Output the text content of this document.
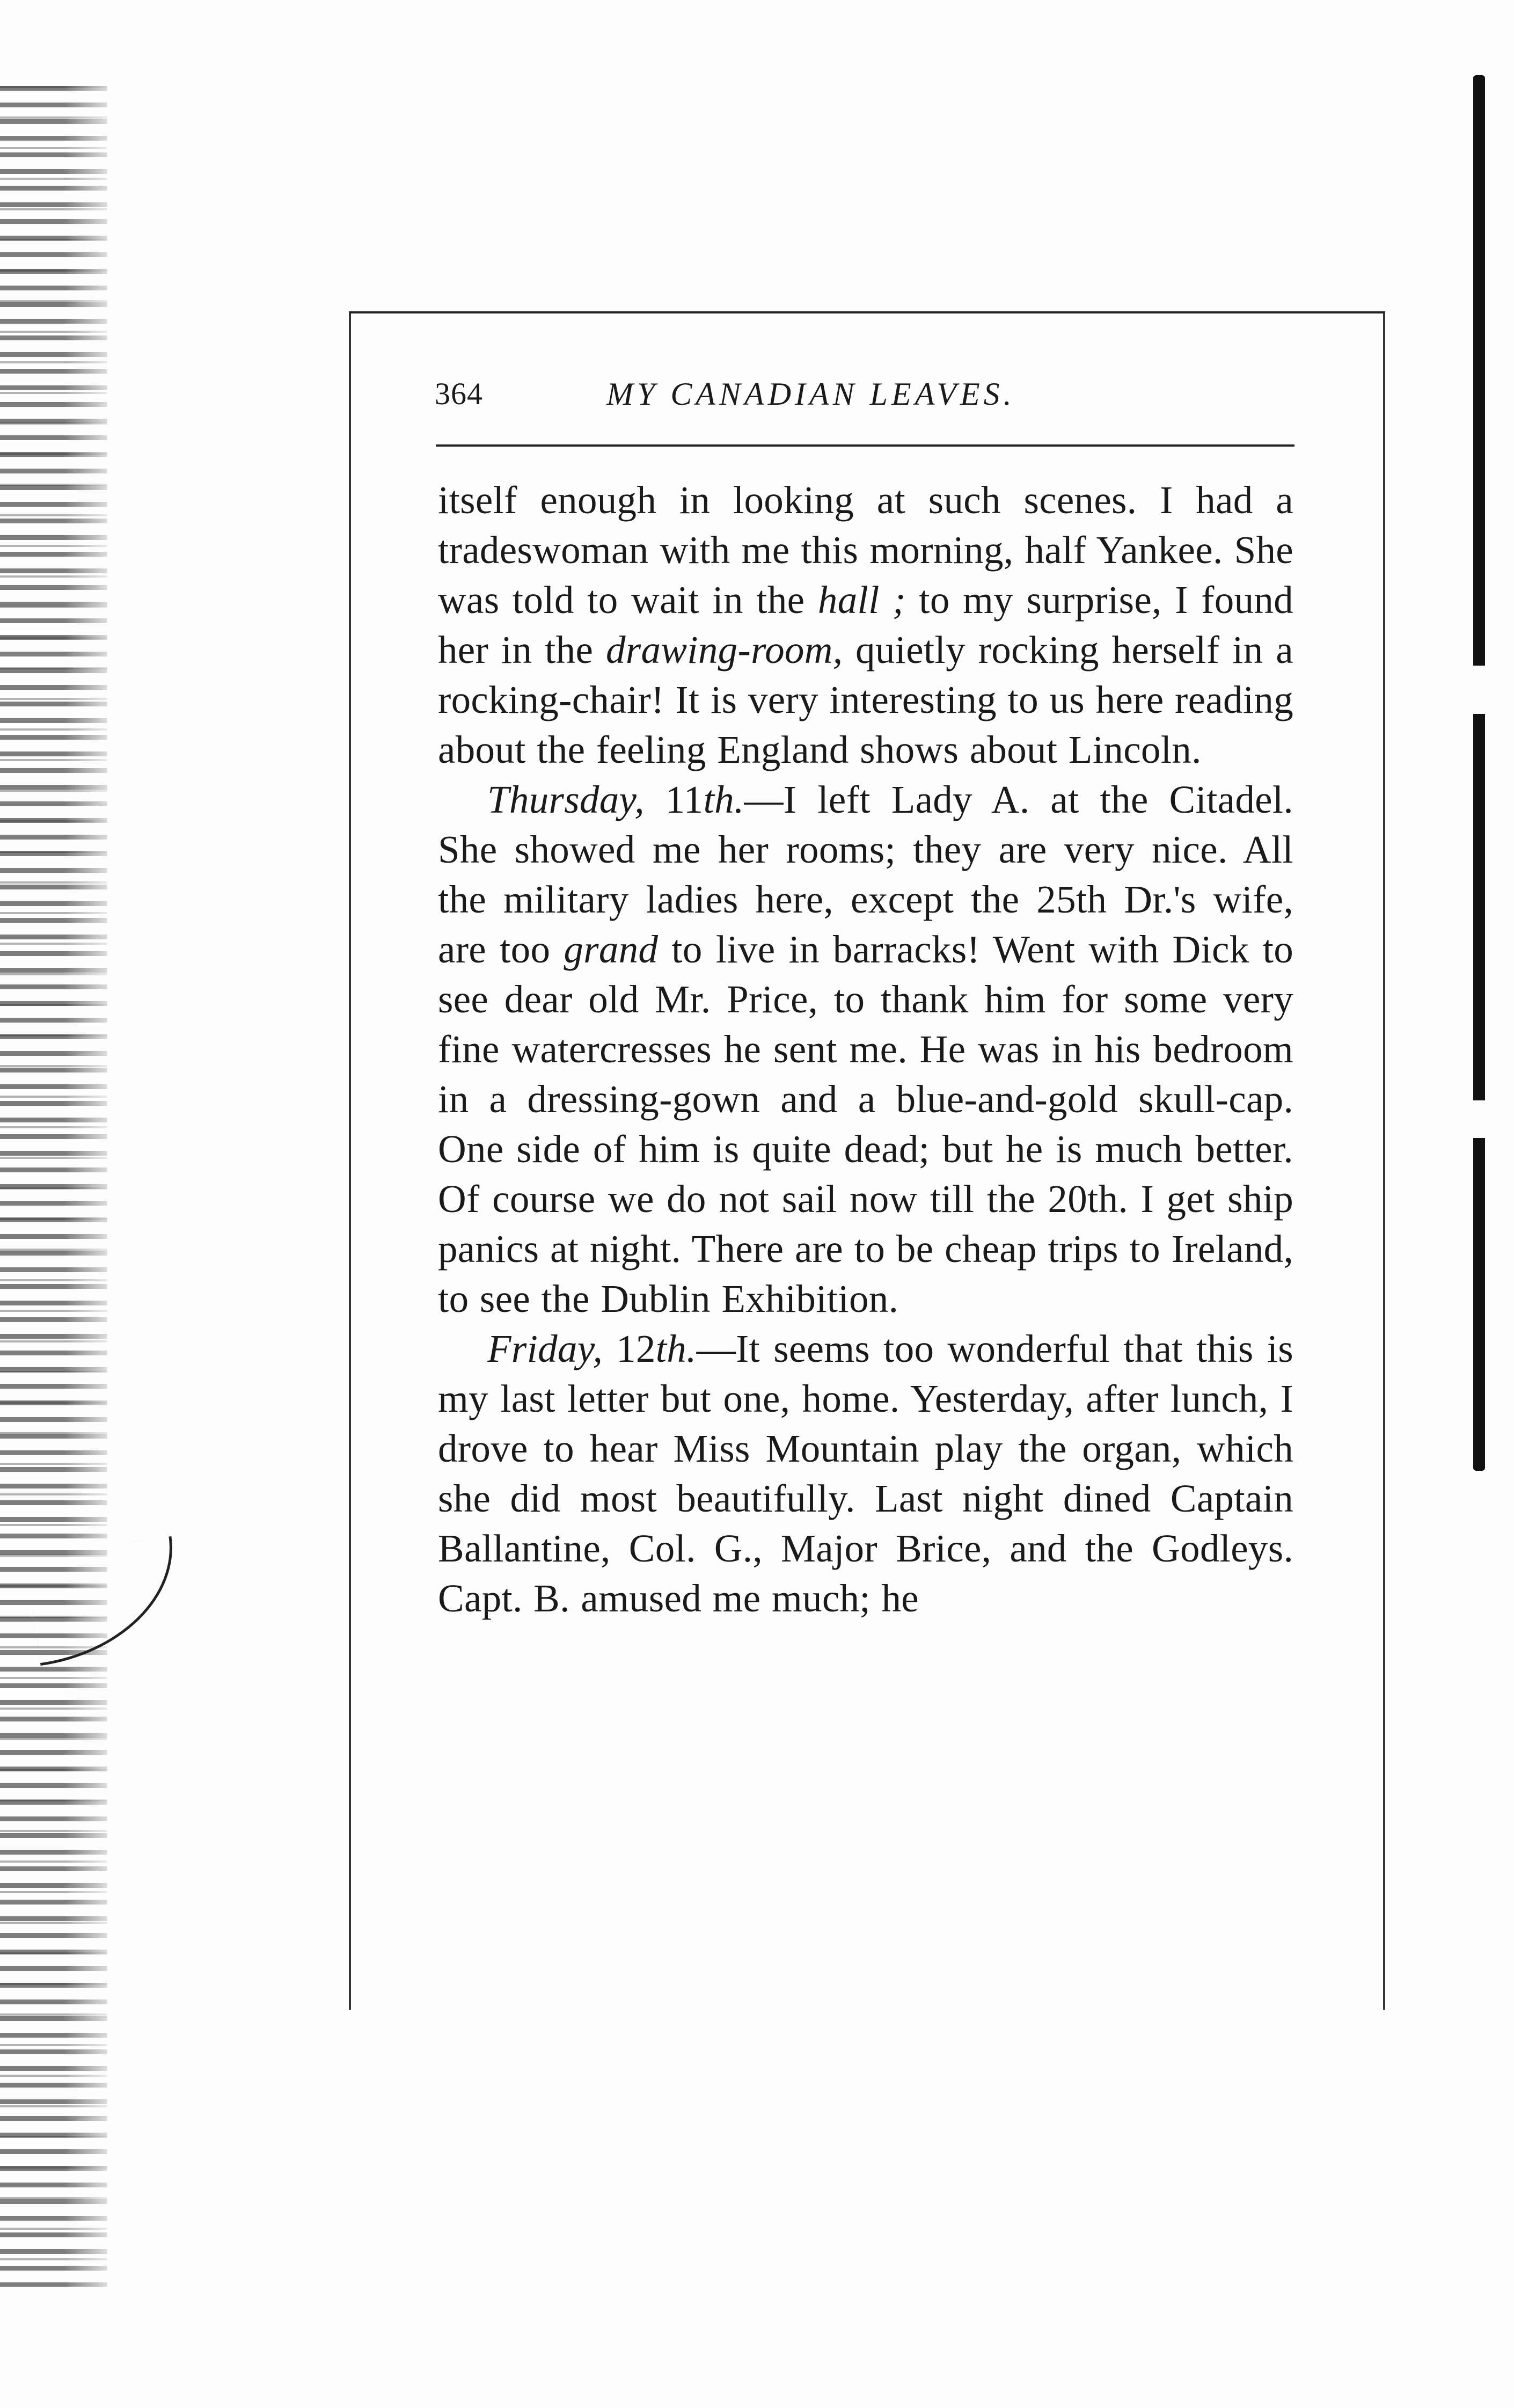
364	MY CANADIAN LEAVES.

itself enough in looking at such scenes. I had a tradeswoman with me this morning, half Yankee. She was told to wait in the hall ; to my surprise, I found her in the drawing-room, quietly rocking herself in a rocking-chair! It is very interesting to us here reading about the feeling England shows about Lincoln.

Thursday, 11th.—I left Lady A. at the Citadel. She showed me her rooms; they are very nice. All the military ladies here, except the 25th Dr.'s wife, are too grand to live in barracks! Went with Dick to see dear old Mr. Price, to thank him for some very fine watercresses he sent me. He was in his bedroom in a dressing-gown and a blue-and-gold skull-cap. One side of him is quite dead; but he is much better. Of course we do not sail now till the 20th. I get ship panics at night. There are to be cheap trips to Ireland, to see the Dublin Exhibition.

Friday, 12th.—It seems too wonderful that this is my last letter but one, home. Yesterday, after lunch, I drove to hear Miss Mountain play the organ, which she did most beautifully. Last night dined Captain Ballantine, Col. G., Major Brice, and the Godleys. Capt. B. amused me much; he
